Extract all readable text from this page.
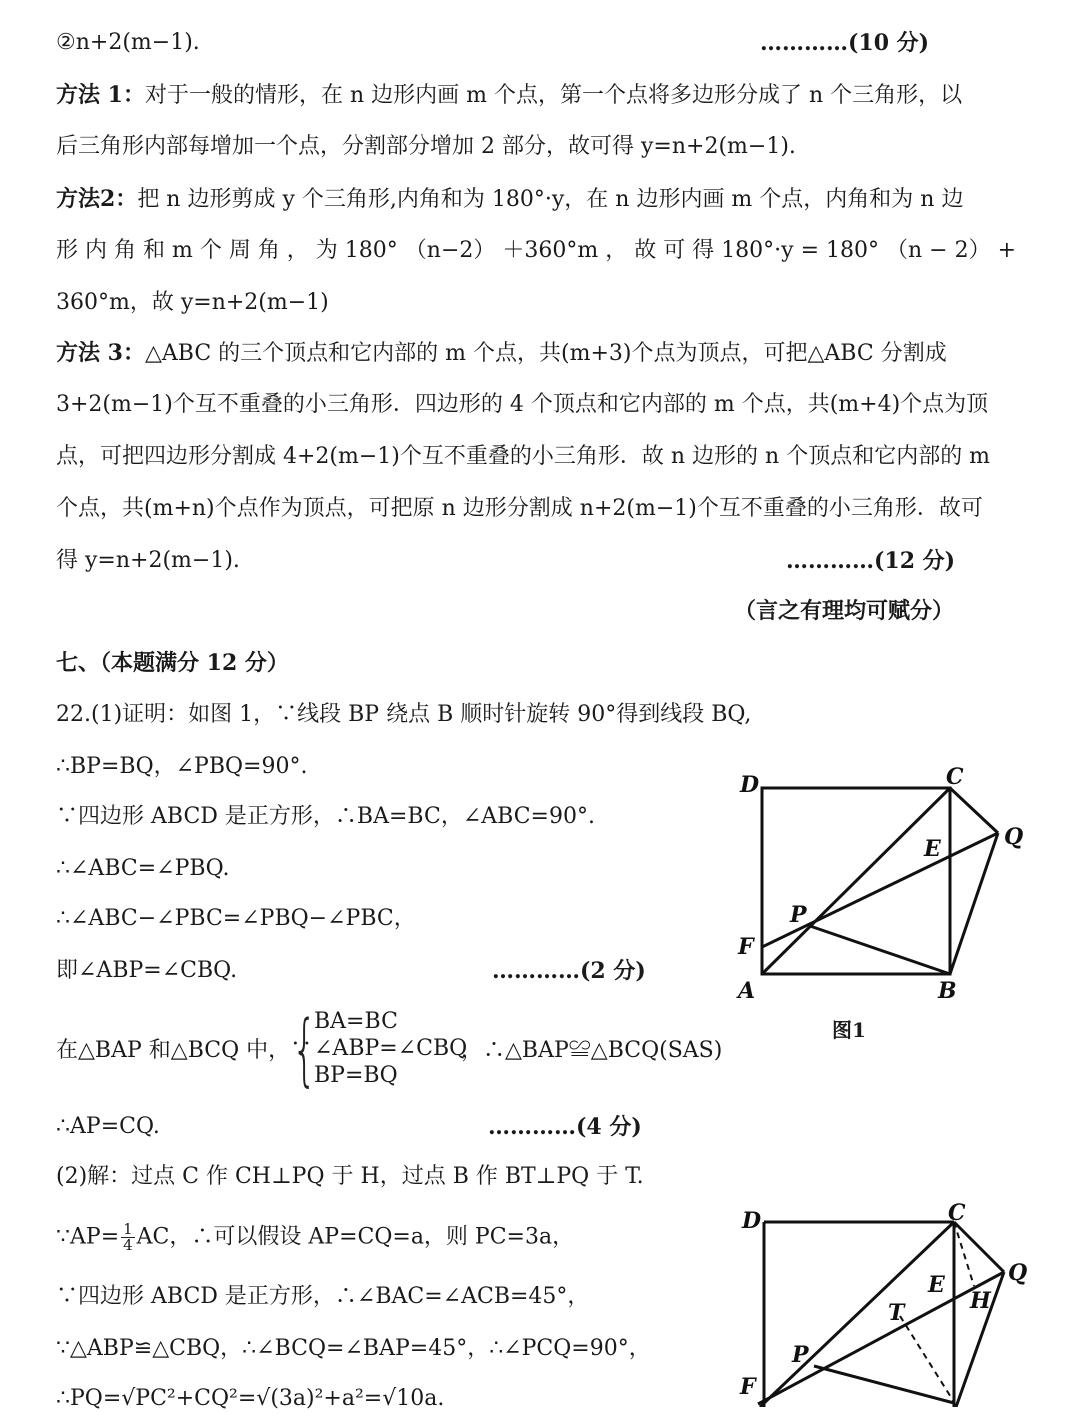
②n+2(m−1).	…………(10 分)
方法 1：对于一般的情形，在 n 边形内画 m 个点，第一个点将多边形分成了 n 个三角形，以
后三角形内部每增加一个点，分割部分增加 2 部分，故可得 y=n+2(m−1).
方法2：把 n 边形剪成 y 个三角形,内角和为 180°·y，在 n 边形内画 m 个点，内角和为 n 边
形 内 角 和 m 个 周 角 ， 为 180° （n−2） ＋360°m ， 故 可 得 180°·y = 180° （n − 2） +
360°m，故 y=n+2(m−1)
方法 3：△ABC 的三个顶点和它内部的 m 个点，共(m+3)个点为顶点，可把△ABC 分割成
3+2(m−1)个互不重叠的小三角形．四边形的 4 个顶点和它内部的 m 个点，共(m+4)个点为顶
点，可把四边形分割成 4+2(m−1)个互不重叠的小三角形．故 n 边形的 n 个顶点和它内部的 m
个点，共(m+n)个点作为顶点，可把原 n 边形分割成 n+2(m−1)个互不重叠的小三角形．故可
得 y=n+2(m−1).	…………(12 分)
（言之有理均可赋分）
七、（本题满分 12 分）
22.(1)证明：如图 1，∵线段 BP 绕点 B 顺时针旋转 90°得到线段 BQ,
∴BP=BQ，∠PBQ=90°.
∵四边形 ABCD 是正方形，∴BA=BC，∠ABC=90°.
∴∠ABC=∠PBQ.
∴∠ABC−∠PBC=∠PBQ−∠PBC，
即∠ABP=∠CBQ.	…………(2 分)
在△BAP 和△BCQ 中，∵
{
BA=BC
∠ABP=∠CBQ
BP=BQ
，∴△BAP≌△BCQ(SAS)
∴AP=CQ.	…………(4 分)
(2)解：过点 C 作 CH⊥PQ 于 H，过点 B 作 BT⊥PQ 于 T.
∵AP= $\frac{1}{4}$ AC，∴可以假设 AP=CQ=a，则 PC=3a，
∵四边形 ABCD 是正方形，∴∠BAC=∠ACB=45°，
∵△ABP≌△CBQ，∴∠BCQ=∠BAP=45°，∴∠PCQ=90°，
∴PQ=√PC²+CQ²=√(3a)²+a²=√10a.
D	C
Q
E
P
F
A	B
图1
D	C
Q
E
H
T
P
F
